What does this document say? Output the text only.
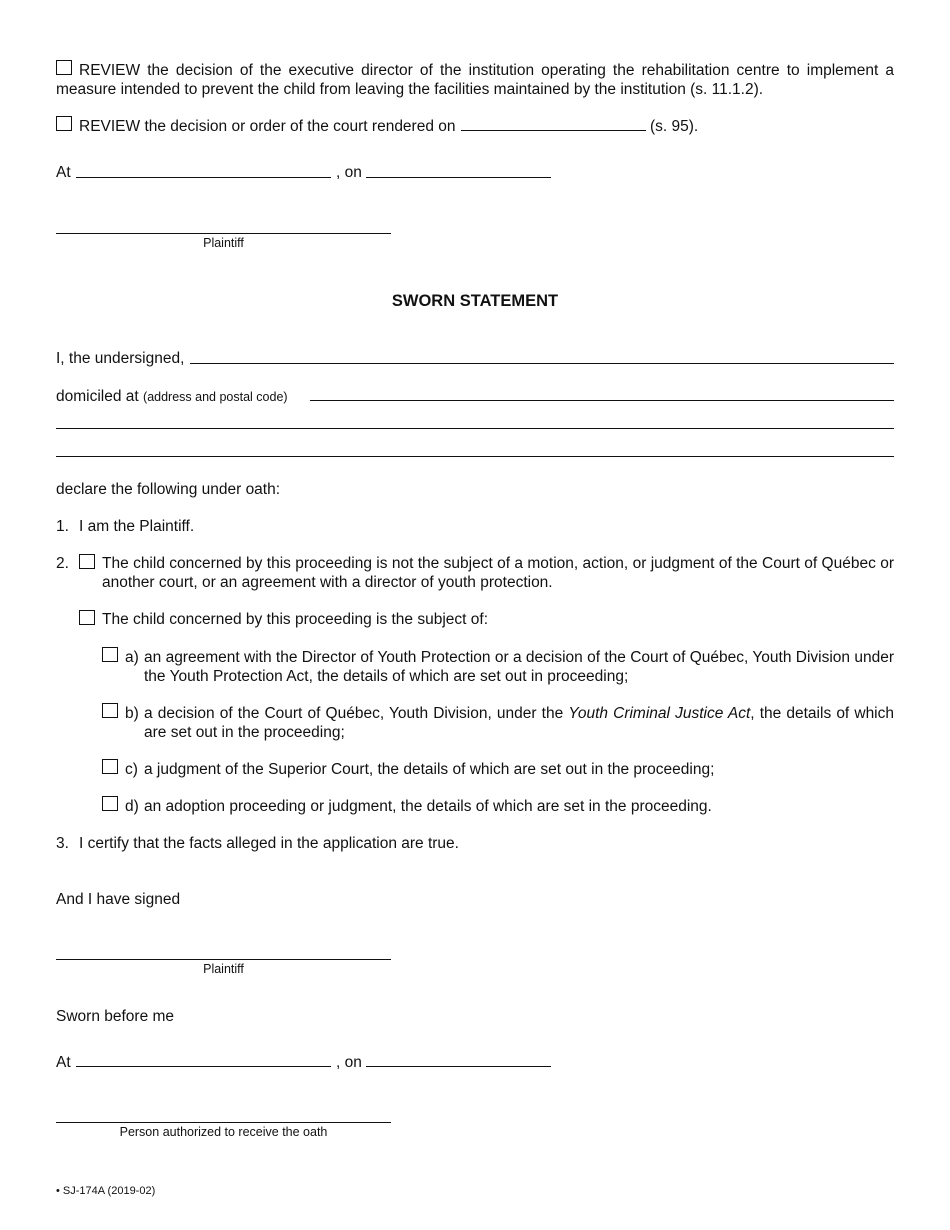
REVIEW the decision of the executive director of the institution operating the rehabilitation centre to implement a measure intended to prevent the child from leaving the facilities maintained by the institution (s. 11.1.2).
REVIEW the decision or order of the court rendered on	(s. 95).
At	, on
Plaintiff
SWORN STATEMENT
I, the undersigned,
domiciled at (address and postal code)
declare the following under oath:
1. I am the Plaintiff.
2. The child concerned by this proceeding is not the subject of a motion, action, or judgment of the Court of Québec or another court, or an agreement with a director of youth protection.
The child concerned by this proceeding is the subject of:
a) an agreement with the Director of Youth Protection or a decision of the Court of Québec, Youth Division under the Youth Protection Act, the details of which are set out in proceeding;
b) a decision of the Court of Québec, Youth Division, under the Youth Criminal Justice Act, the details of which are set out in the proceeding;
c) a judgment of the Superior Court, the details of which are set out in the proceeding;
d) an adoption proceeding or judgment, the details of which are set in the proceeding.
3. I certify that the facts alleged in the application are true.
And I have signed
Plaintiff
Sworn before me
At	, on
Person authorized to receive the oath
• SJ-174A (2019-02)
